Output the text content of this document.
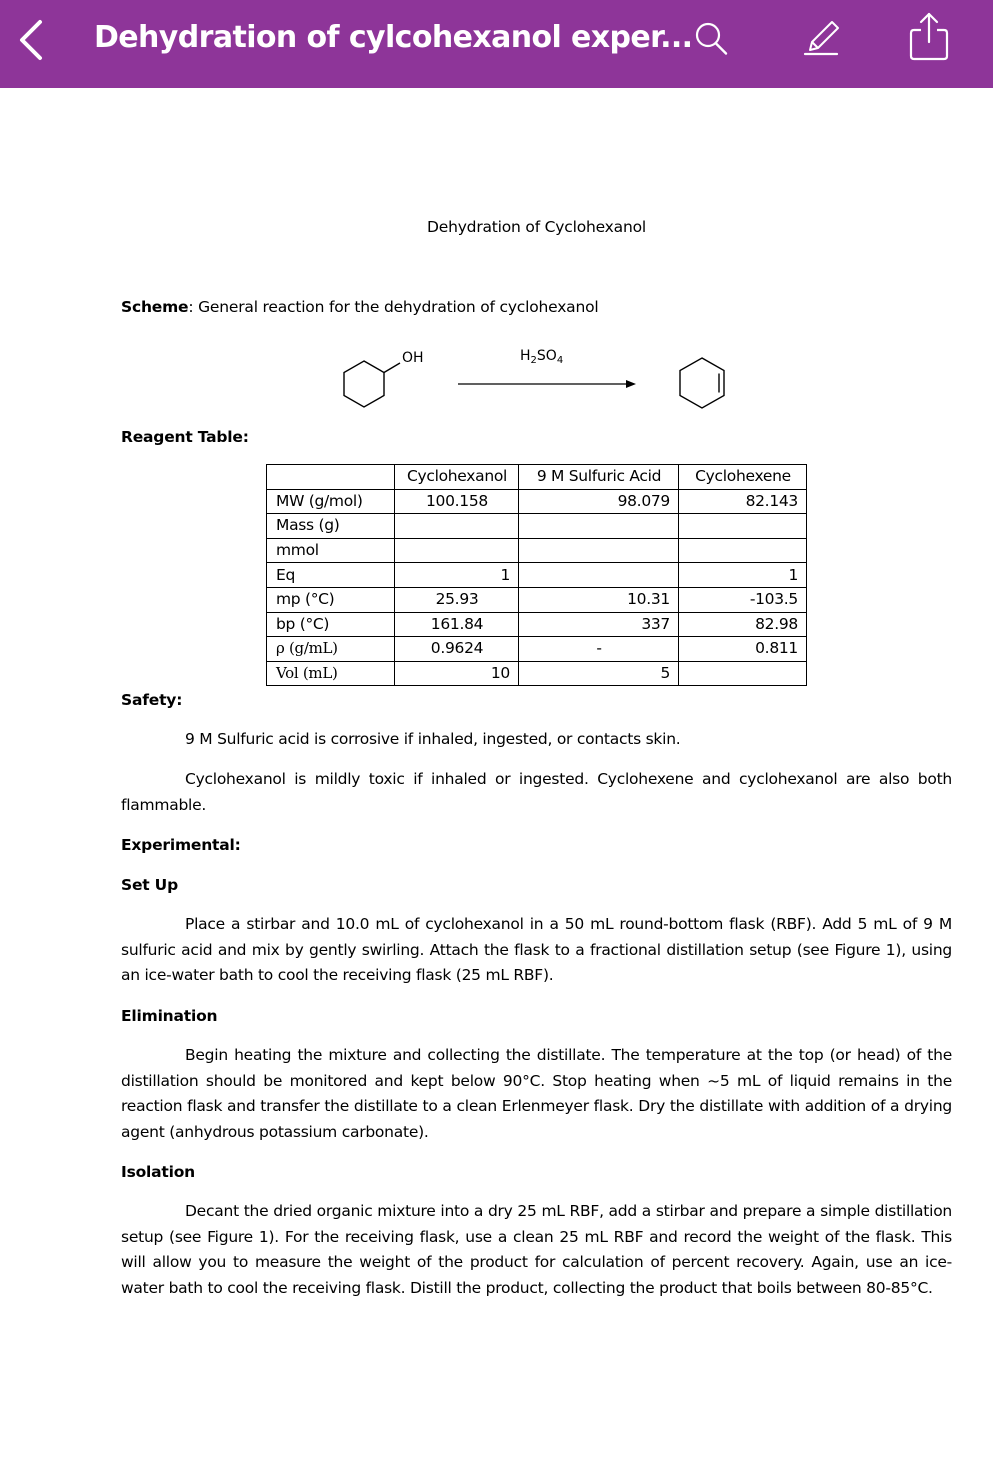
Dehydration of cylcohexanol exper...
Dehydration of Cyclohexanol
Scheme: General reaction for the dehydration of cyclohexanol
OH	$H_2SO_4$
Reagent Table:
	Cyclohexanol	9 M Sulfuric Acid	Cyclohexene
MW (g/mol)	100.158	98.079	82.143
Mass (g)			
mmol			
Eq	1		1
mp (°C)	25.93	10.31	-103.5
bp (°C)	161.84	337	82.98
ρ (g/mL)	0.9624	-	0.811
Vol (mL)	10	5	
Safety:
9 M Sulfuric acid is corrosive if inhaled, ingested, or contacts skin.
Cyclohexanol is mildly toxic if inhaled or ingested. Cyclohexene and cyclohexanol are also both flammable.
Experimental:
Set Up
Place a stirbar and 10.0 mL of cyclohexanol in a 50 mL round-bottom flask (RBF). Add 5 mL of 9 M sulfuric acid and mix by gently swirling. Attach the flask to a fractional distillation setup (see Figure 1), using an ice-water bath to cool the receiving flask (25 mL RBF).
Elimination
Begin heating the mixture and collecting the distillate. The temperature at the top (or head) of the distillation should be monitored and kept below 90°C. Stop heating when ~5 mL of liquid remains in the reaction flask and transfer the distillate to a clean Erlenmeyer flask. Dry the distillate with addition of a drying agent (anhydrous potassium carbonate).
Isolation
Decant the dried organic mixture into a dry 25 mL RBF, add a stirbar and prepare a simple distillation setup (see Figure 1). For the receiving flask, use a clean 25 mL RBF and record the weight of the flask. This will allow you to measure the weight of the product for calculation of percent recovery. Again, use an ice-water bath to cool the receiving flask. Distill the product, collecting the product that boils between 80-85°C.
